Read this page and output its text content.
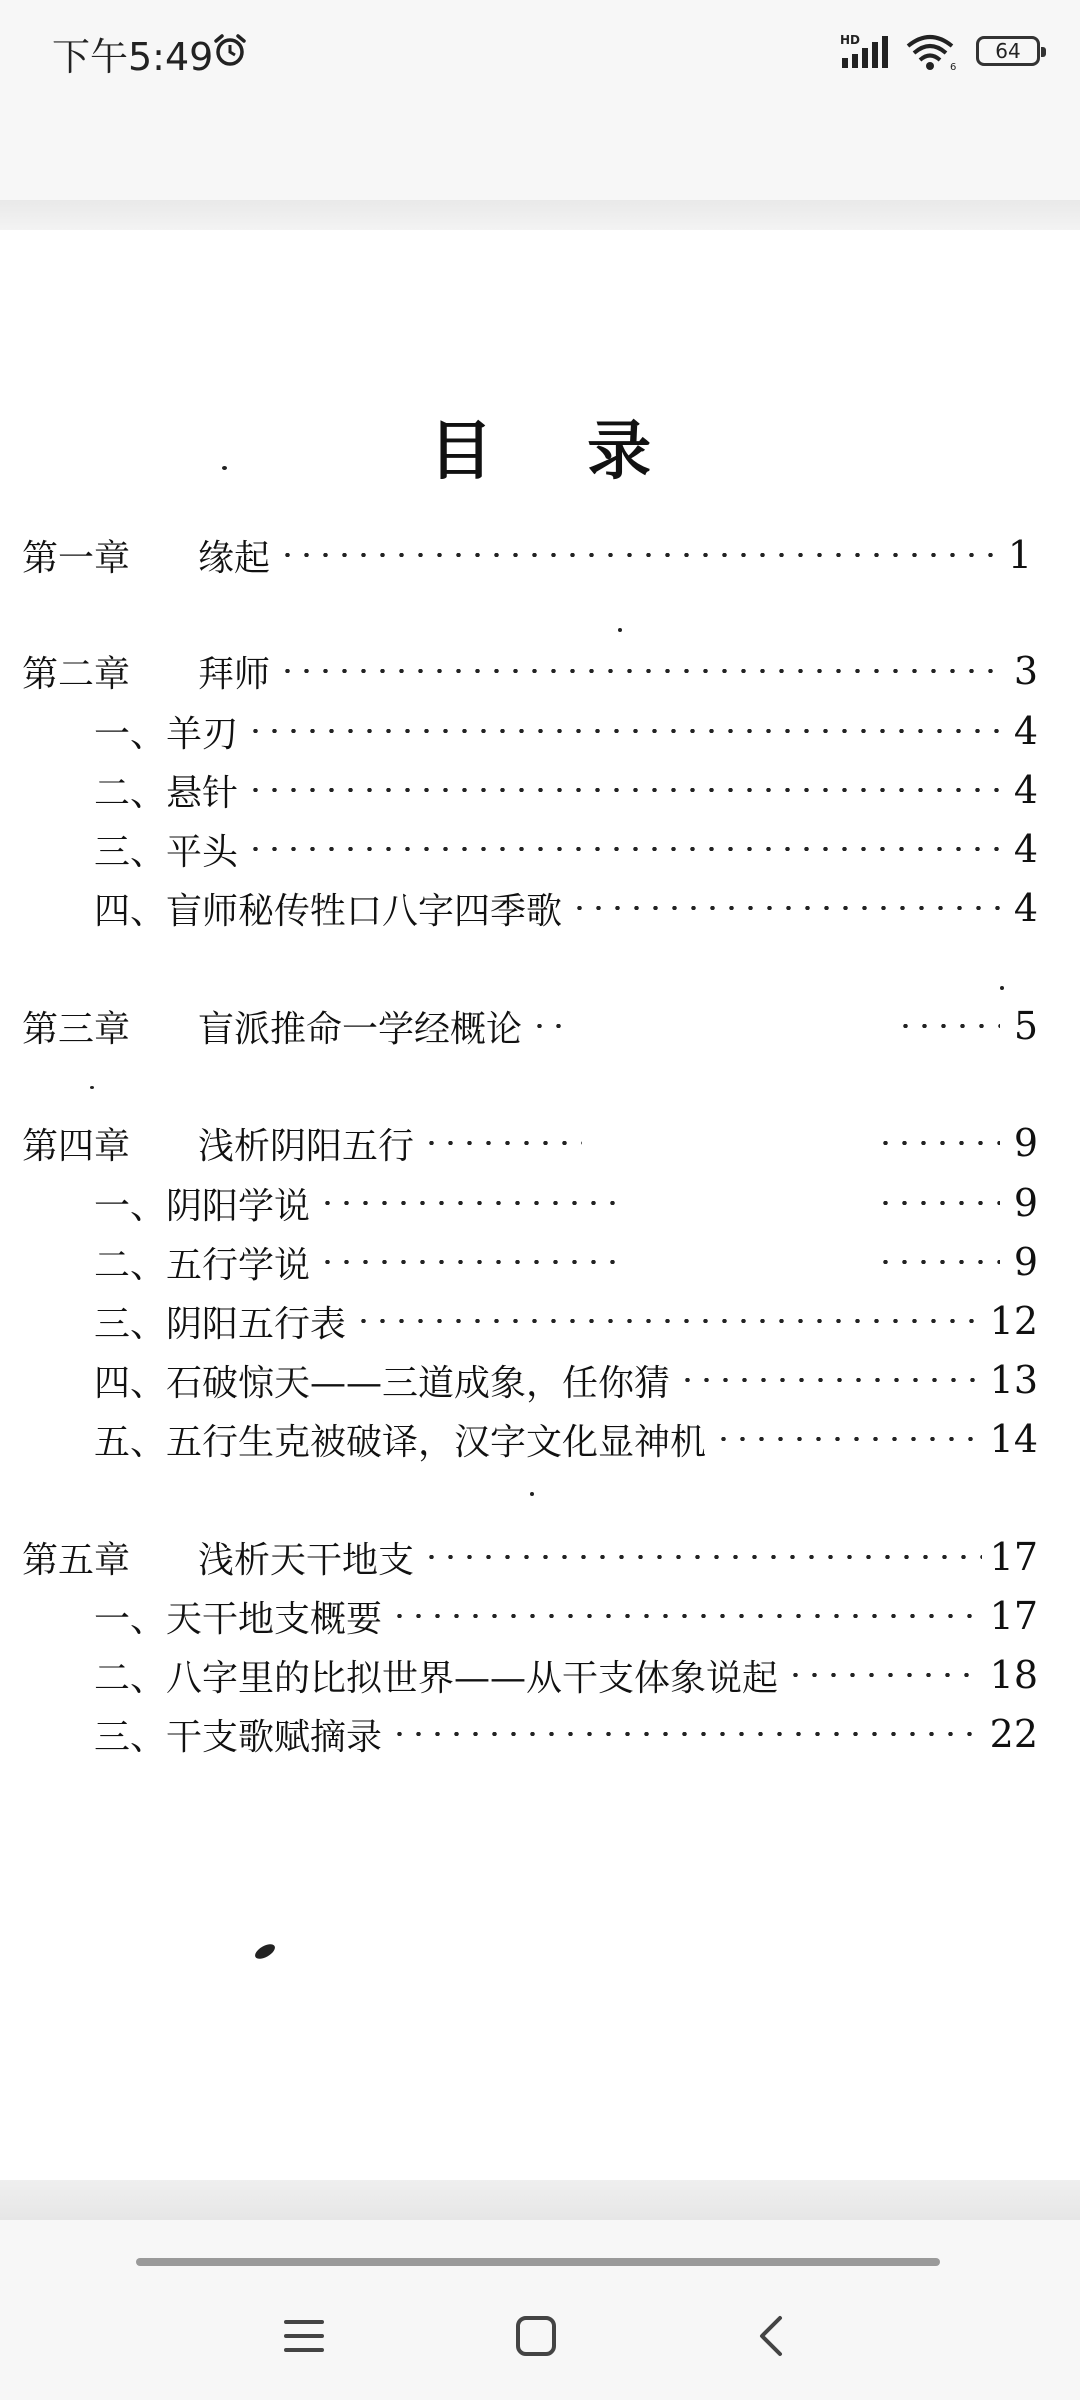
下午5:49	HD
6
64
目 录
第一章 缘起	1
第二章 拜师	3
一、羊刃	4
二、悬针	4
三、平头	4
四、盲师秘传牲口八字四季歌	4
第三章 盲派推命一学经概论	5
第四章 浅析阴阳五行	9
一、阴阳学说	9
二、五行学说	9
三、阴阳五行表	12
四、石破惊天——三道成象，任你猜	13
五、五行生克被破译，汉字文化显神机	14
第五章 浅析天干地支	17
一、天干地支概要	17
二、八字里的比拟世界——从干支体象说起	18
三、干支歌赋摘录	22
